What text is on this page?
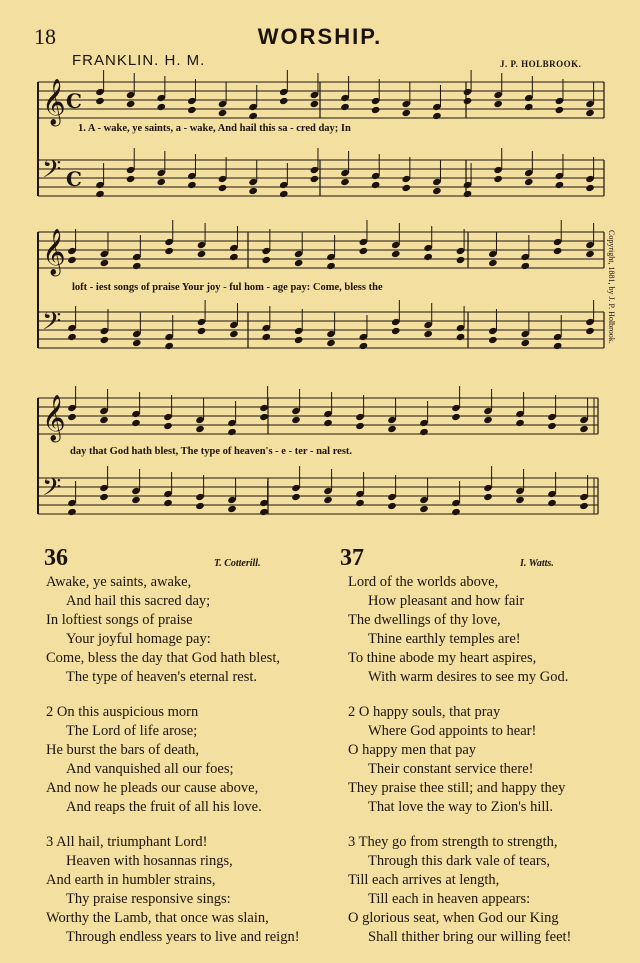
18	WORSHIP.
FRANKLIN. H. M.	J. P. HOLBROOK.
Copyright, 1881, by J. P. Holbrook.
𝄞 C
𝄢 C
𝄞
𝄢
𝄞
𝄢
1. A - wake, ye saints, a - wake, And hail this sa - cred day; In
loft - iest songs of praise Your joy - ful hom - age pay: Come, bless the
day that God hath blest, The type of heaven's - e - ter - nal rest.
36	T. Cotterill.
Awake, ye saints, awake,
And hail this sacred day;
In loftiest songs of praise
Your joyful homage pay:
Come, bless the day that God hath blest,
The type of heaven's eternal rest.
2 On this auspicious morn
The Lord of life arose;
He burst the bars of death,
And vanquished all our foes;
And now he pleads our cause above,
And reaps the fruit of all his love.
3 All hail, triumphant Lord!
Heaven with hosannas rings,
And earth in humbler strains,
Thy praise responsive sings:
Worthy the Lamb, that once was slain,
Through endless years to live and reign!
37	I. Watts.
Lord of the worlds above,
How pleasant and how fair
The dwellings of thy love,
Thine earthly temples are!
To thine abode my heart aspires,
With warm desires to see my God.
2 O happy souls, that pray
Where God appoints to hear!
O happy men that pay
Their constant service there!
They praise thee still; and happy they
That love the way to Zion's hill.
3 They go from strength to strength,
Through this dark vale of tears,
Till each arrives at length,
Till each in heaven appears:
O glorious seat, when God our King
Shall thither bring our willing feet!
